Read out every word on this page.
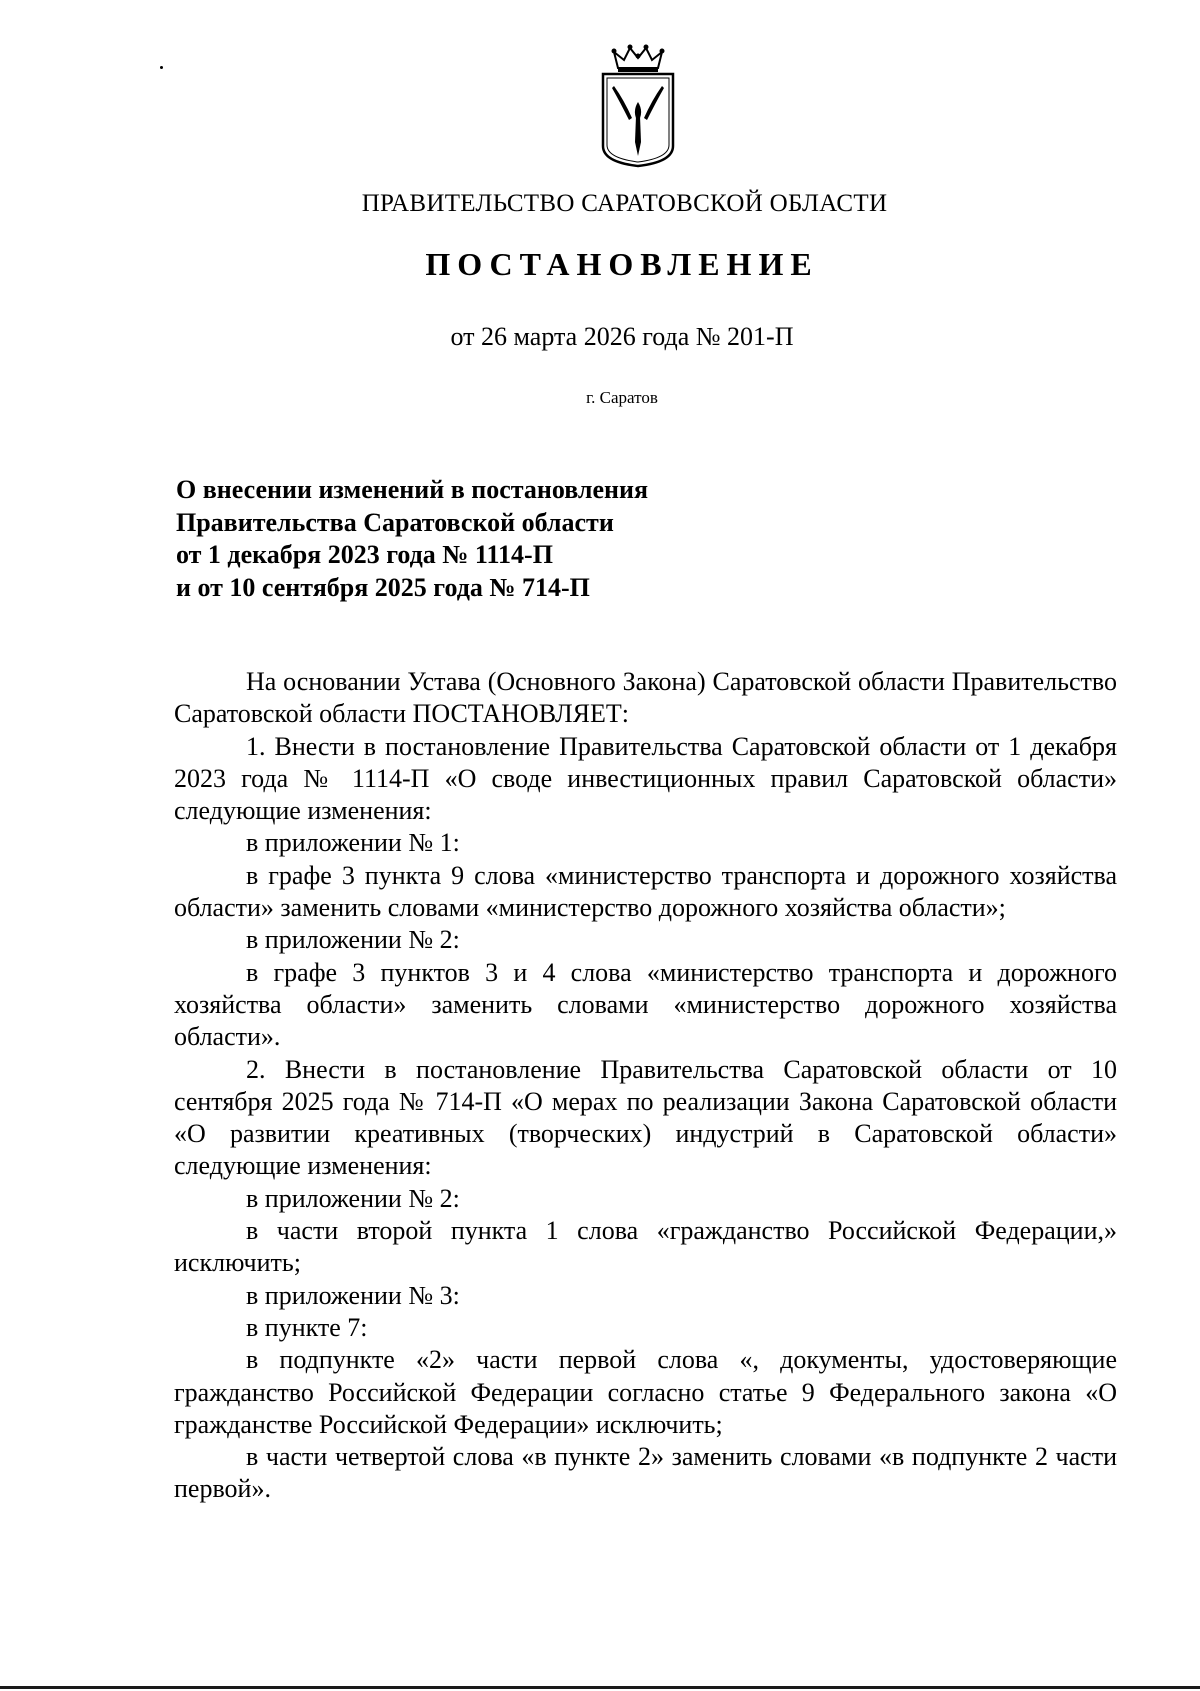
ПРАВИТЕЛЬСТВО САРАТОВСКОЙ ОБЛАСТИ
ПОСТАНОВЛЕНИЕ
от 26 марта 2026 года № 201-П
г. Саратов
О внесении изменений в постановления
Правительства Саратовской области
от 1 декабря 2023 года № 1114-П
и от 10 сентября 2025 года № 714-П

На основании Устава (Основного Закона) Саратовской области Правительство Саратовской области ПОСТАНОВЛЯЕТ:

1. Внести в постановление Правительства Саратовской области от 1 декабря 2023 года № 1114-П «О своде инвестиционных правил Саратовской области» следующие изменения:

в приложении № 1:

в графе 3 пункта 9 слова «министерство транспорта и дорожного хозяйства области» заменить словами «министерство дорожного хозяйства области»;

в приложении № 2:

в графе 3 пунктов 3 и 4 слова «министерство транспорта и дорожного хозяйства области» заменить словами «министерство дорожного хозяйства области».

2. Внести в постановление Правительства Саратовской области от 10 сентября 2025 года № 714-П «О мерах по реализации Закона Саратовской области «О развитии креативных (творческих) индустрий в Саратовской области» следующие изменения:

в приложении № 2:

в части второй пункта 1 слова «гражданство Российской Федерации,» исключить;

в приложении № 3:

в пункте 7:

в подпункте «2» части первой слова «, документы, удостоверяющие гражданство Российской Федерации согласно статье 9 Федерального закона «О гражданстве Российской Федерации» исключить;

в части четвертой слова «в пункте 2» заменить словами «в подпункте 2 части первой».
